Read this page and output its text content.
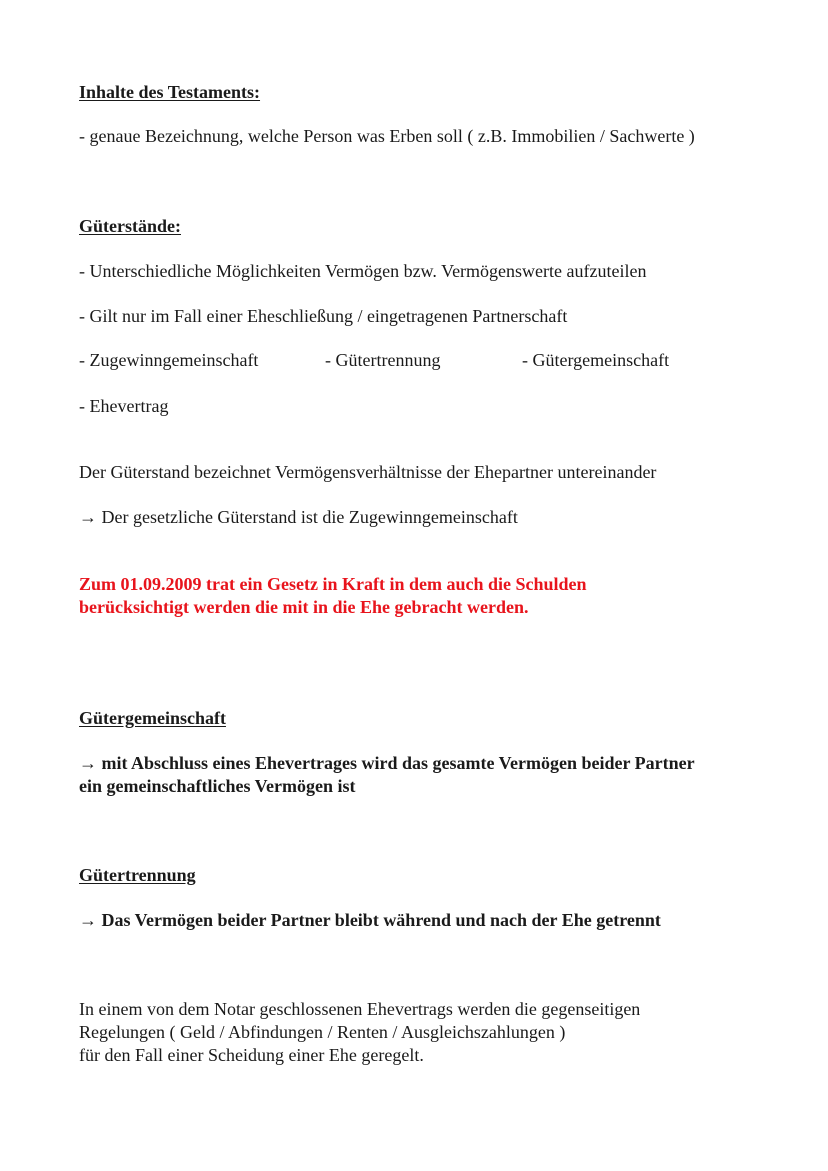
Inhalte des Testaments:
- genaue Bezeichnung, welche Person was Erben soll ( z.B. Immobilien / Sachwerte )
Güterstände:
- Unterschiedliche Möglichkeiten Vermögen bzw. Vermögenswerte aufzuteilen
- Gilt nur im Fall einer Eheschließung / eingetragenen Partnerschaft
- Zugewinngemeinschaft	- Gütertrennung	- Gütergemeinschaft
- Ehevertrag
Der Güterstand bezeichnet Vermögensverhältnisse der Ehepartner untereinander
→ Der gesetzliche Güterstand ist die Zugewinngemeinschaft
Zum 01.09.2009 trat ein Gesetz in Kraft in dem auch die Schulden
berücksichtigt werden die mit in die Ehe gebracht werden.
Gütergemeinschaft
→ mit Abschluss eines Ehevertrages wird das gesamte Vermögen beider Partner
ein gemeinschaftliches Vermögen ist
Gütertrennung
→ Das Vermögen beider Partner bleibt während und nach der Ehe getrennt
In einem von dem Notar geschlossenen Ehevertrags werden die gegenseitigen
Regelungen ( Geld / Abfindungen / Renten / Ausgleichszahlungen )
für den Fall einer Scheidung einer Ehe geregelt.
